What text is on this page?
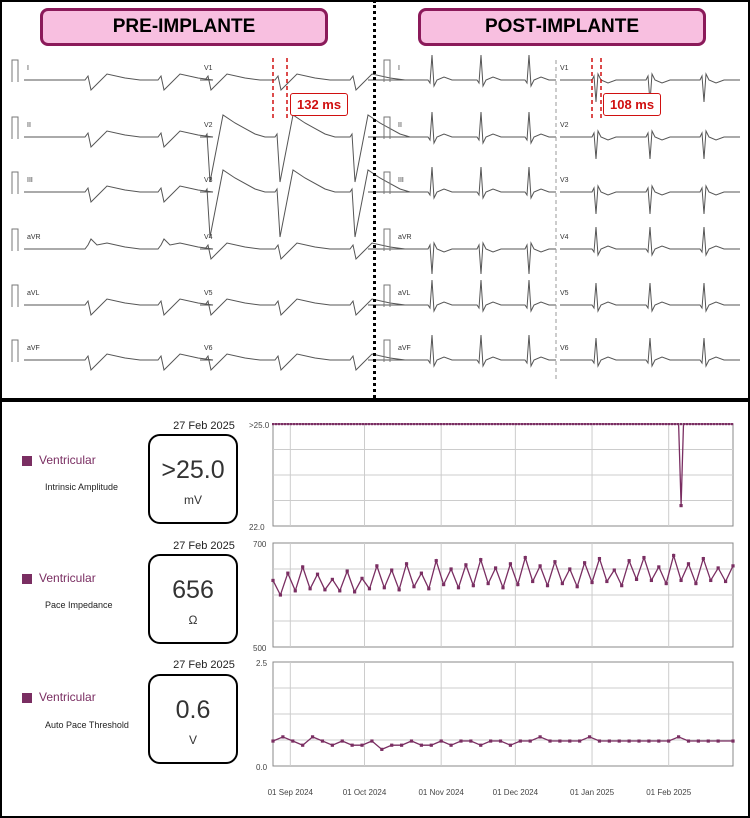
PRE-IMPLANTE	POST-IMPLANTE
I	V1
II	V2
III	V3
aVR	V4
aVL	V5
aVF	V6
I	V1
II	V2
III	V3
aVR	V4
aVL	V5
aVF	V6
132 ms	108 ms
27 Feb 2025
>25.0
mV
Ventricular
Intrinsic Amplitude
27 Feb 2025
656
Ω
Ventricular
Pace Impedance
27 Feb 2025
0.6
V
Ventricular
Auto Pace Threshold
>25.0
22.0
700
500
2.5
0.0
01 Sep 2024	01 Oct 2024	01 Nov 2024	01 Dec 2024	01 Jan 2025	01 Feb 2025
